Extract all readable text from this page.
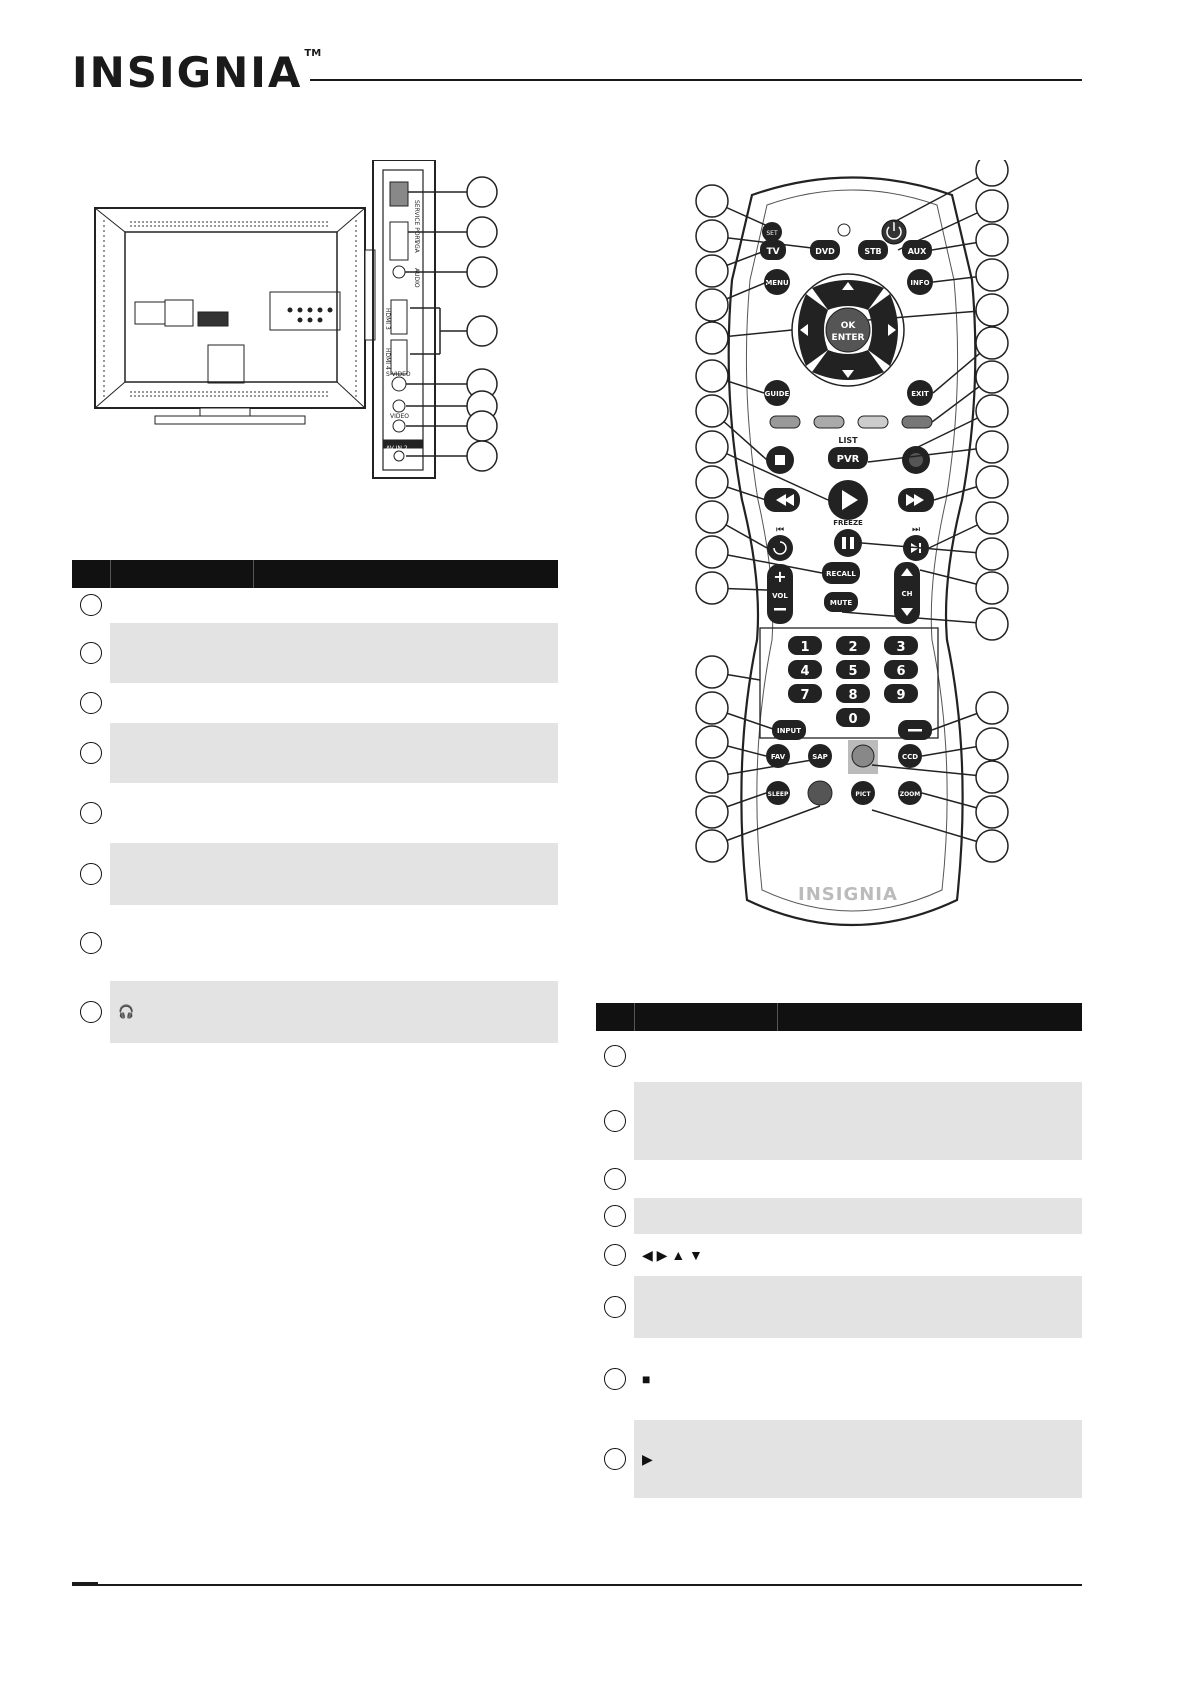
INSIGNIA ™
SERVICE PORT
VGA
AUDIO
HDMI 3
HDMI 4
S-VIDEO
VIDEO
AV IN 2
🎧
SET
TV	DVD	STB	AUX
MENU	INFO
OK
ENTER
GUIDE	EXIT
LIST
PVR
⏮
FREEZE
⏭
+
VOL
RECALL
MUTE
CH
1	2	3
4	5	6
7	8	9
0
INPUT
FAV	SAP	CCD
SLEEP	PICT	ZOOM
INSIGNIA
◀ ▶ ▲ ▼
■
▶
